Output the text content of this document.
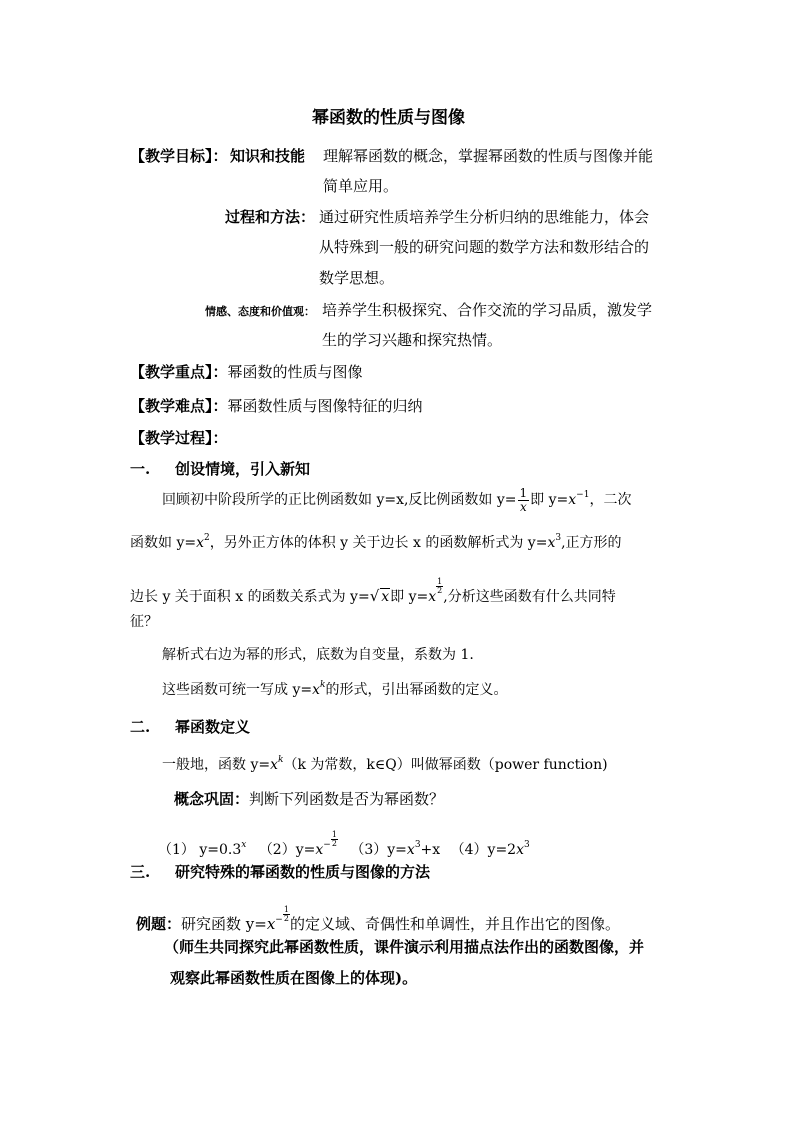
幂函数的性质与图像
【教学目标】： 知识和技能 理解幂函数的概念，掌握幂函数的性质与图像并能
简单应用。
过程和方法： 通过研究性质培养学生分析归纳的思维能力，体会
从特殊到一般的研究问题的数学方法和数形结合的
数学思想。
情感、态度和价值观： 培养学生积极探究、合作交流的学习品质，激发学
生的学习兴趣和探究热情。
【教学重点】：幂函数的性质与图像
【教学难点】：幂函数性质与图像特征的归纳
【教学过程】：
一. 创设情境，引入新知
回顾初中阶段所学的正比例函数如 y=x,反比例函数如 $y= \frac{1}{x}$ 即 $y=x^{-1}$，二次
函数如 $y=x^2$，另外正方体的体积 y 关于边长 x 的函数解析式为 $y=x^3$,正方形的
边长 y 关于面积 x 的函数关系式为 y=√ x即 y=x
$\frac{1}{2}$
,分析这些函数有什么共同特
征？
解析式右边为幂的形式，底数为自变量，系数为 1.
这些函数可统一写成 $y=x^k$的形式，引出幂函数的定义。
二. 幂函数定义
一般地，函数 $y=x^k(k$ 为常数，k∈Q）叫做幂函数（power function)
概念巩固：判断下列函数是否为幂函数？
（1） $y=0.3^x$ $(2)y=x^- \frac{1}{2}$
$(3)y=x^3+x$ $(4)y=2x^3$
三. 研究特殊的幂函数的性质与图像的方法
例题：研究函数 $y=x^- \frac{1}{2}$
的定义域、奇偶性和单调性，并且作出它的图像。
（师生共同探究此幂函数性质，课件演示利用描点法作出的函数图像，并
观察此幂函数性质在图像上的体现)。
